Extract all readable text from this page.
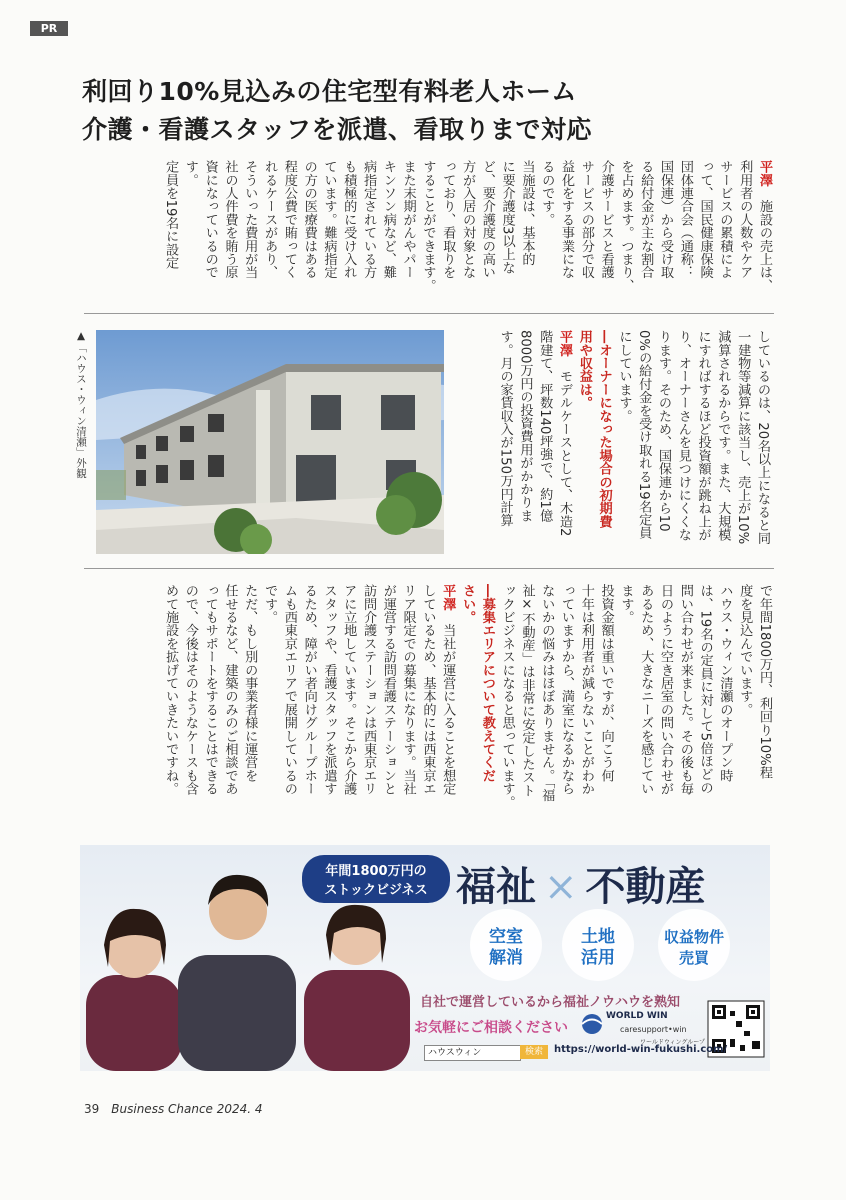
PR
利回り10%見込みの住宅型有料老人ホーム
介護・看護スタッフを派遣、看取りまで対応
平澤　施設の売上は、
利用者の人数やケア
サービスの累積によ
って、国民健康保険
団体連合会（通称：
国保連）から受け取
る給付金が主な割合
を占めます。つまり、
介護サービスと看護
サービスの部分で収
益化をする事業にな
るのです。
当施設は、基本的
に要介護度3以上な
ど、要介護度の高い
方が入居の対象とな
っており、看取りを
することができます。
また末期がんやパー
キンソン病など、難
病指定されている方
も積極的に受け入れ
ています。難病指定
の方の医療費はある
程度公費で賄ってく
れるケースがあり、
そういった費用が当
社の人件費を賄う原
資になっているので
す。
定員を19名に設定
▲「ハウス・ウィン清瀬」外観	しているのは、20名以上になると同
一建物等減算に該当し、売上が10%
減算されるからです。また、大規模
にすればするほど投資額が跳ね上が
り、オーナーさんを見つけにくくな
ります。そのため、国保連から10
0%の給付金を受け取れる19名定員
にしています。
―オーナーになった場合の初期費
用や収益は。
平澤　モデルケースとして、木造2
階建て、坪数140坪強で、約1億
8000万円の投資費用がかかりま
す。月の家賃収入が150万円計算
で年間1800万円、利回り10%程
度を見込んでいます。
ハウス・ウィン清瀬のオープン時
は、19名の定員に対して5倍ほどの
問い合わせが来ました。その後も毎
日のように空き居室の問い合わせが
あるため、大きなニーズを感じてい
ます。
投資金額は重いですが、向こう何
十年は利用者が減らないことがわか
っていますから、満室になるかなら
ないかの悩みはほぼありません。「福
祉×不動産」は非常に安定したスト
ックビジネスになると思っています。
―募集エリアについて教えてくだ
さい。
平澤　当社が運営に入ることを想定
しているため、基本的には西東京エ
リア限定での募集になります。当社
が運営する訪問看護ステーションと
訪問介護ステーションは西東京エリ
アに立地しています。そこから介護
スタッフや、看護スタッフを派遣す
るため、障がい者向けグループホー
ムも西東京エリアで展開しているの
です。
ただ、もし別の事業者様に運営を
任せるなど、建築のみのご相談であ
ってもサポートをすることはできる
ので、今後はそのようなケースも含
めて施設を拡げていきたいですね。
年間1800万円の
ストックビジネス 福祉 × 不動産
空室
解消
土地
活用
収益物件
売買
自社で運営しているから福祉ノウハウを熟知
お気軽にご相談ください
WORLD WIN
caresupport•win
ワールドウィングループ
ハウスウィン	検索	https://world-win-fukushi.com/
39 Business Chance 2024. 4
